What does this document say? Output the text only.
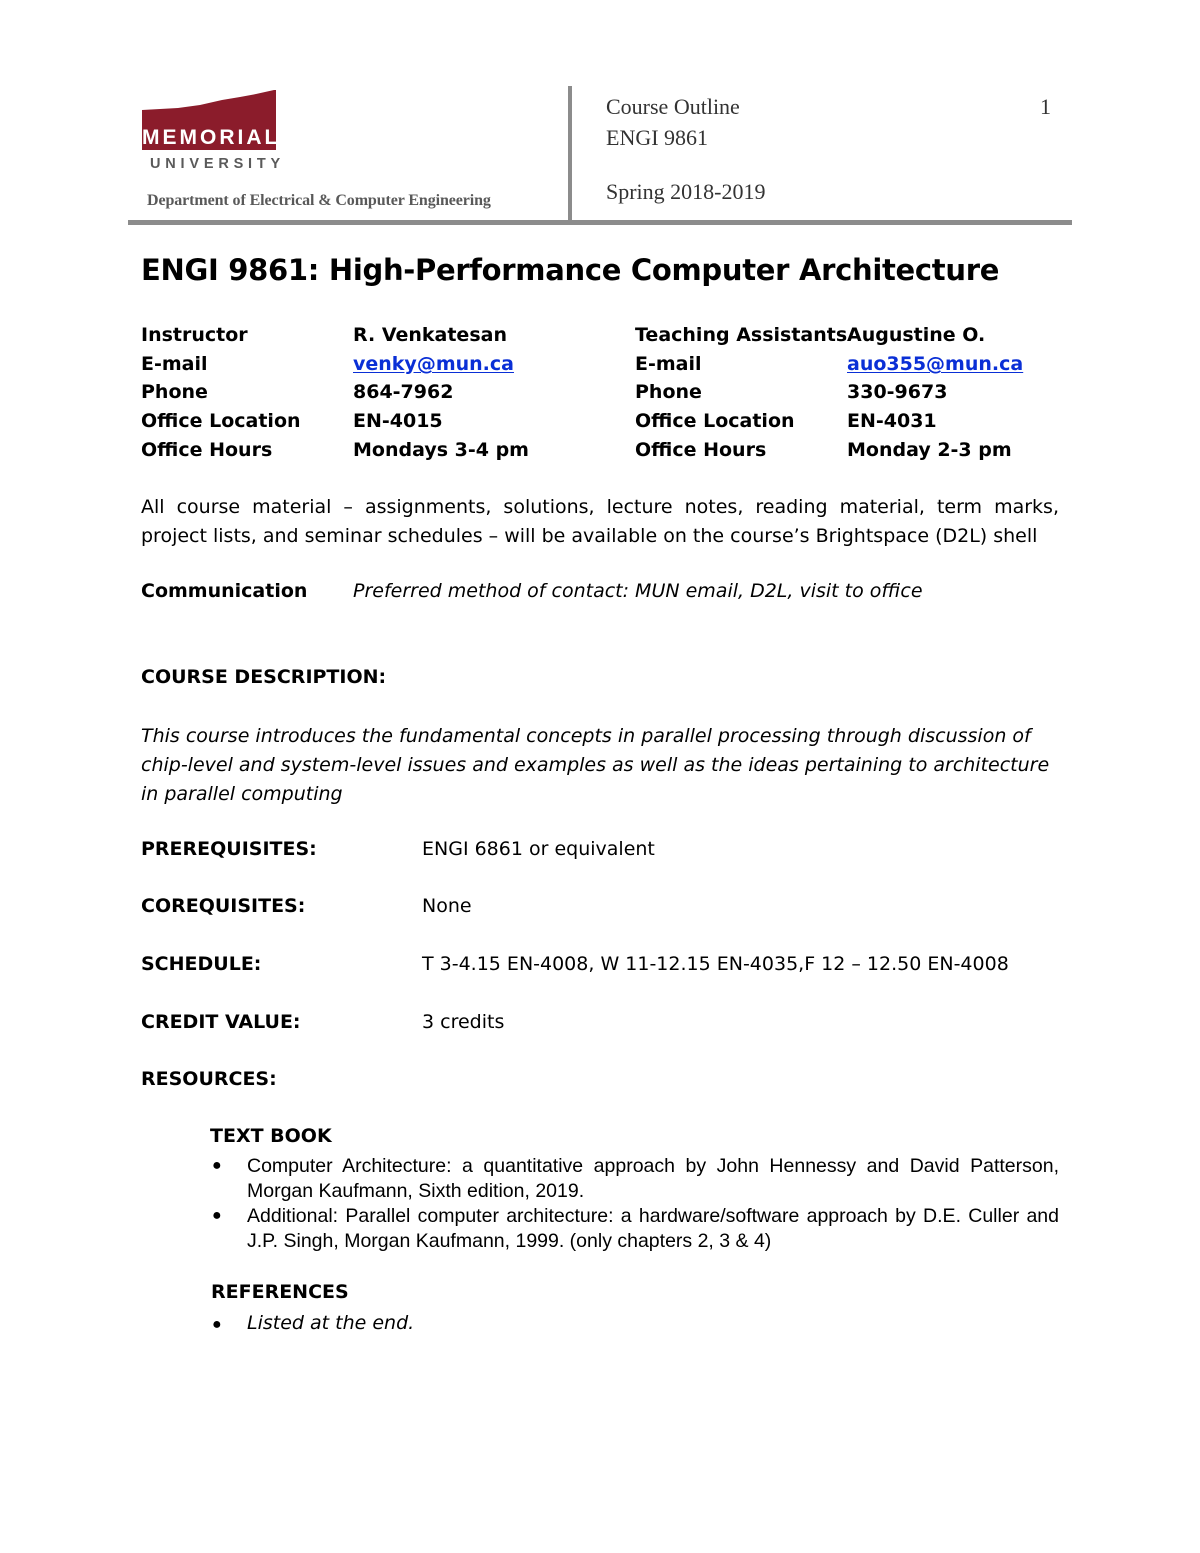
MEMORIAL
UNIVERSITY
Department of Electrical & Computer Engineering
Course Outline
ENGI 9861
Spring 2018-2019
1
ENGI 9861: High-Performance Computer Architecture
Instructor	R. Venkatesan	Teaching Assistants Augustine O.
E-mail	venky@mun.ca	E-mail	auo355@mun.ca
Phone	864-7962	Phone	330-9673
Office Location	EN-4015	Office Location	EN-4031
Office Hours	Mondays 3-4 pm	Office Hours	Monday 2-3 pm
All course material – assignments, solutions, lecture notes, reading material, term marks, project lists, and seminar schedules – will be available on the course’s Brightspace (D2L) shell
Communication Preferred method of contact: MUN email, D2L, visit to office
COURSE DESCRIPTION:
This course introduces the fundamental concepts in parallel processing through discussion of chip-level and system-level issues and examples as well as the ideas pertaining to architecture in parallel computing
PREREQUISITES:	ENGI 6861 or equivalent
COREQUISITES:	None
SCHEDULE:	T 3-4.15 EN-4008, W 11-12.15 EN-4035,F 12 – 12.50 EN-4008
CREDIT VALUE:	3 credits
RESOURCES:
TEXT BOOK
● Computer Architecture: a quantitative approach by John Hennessy and David Patterson, Morgan Kaufmann, Sixth edition, 2019.
● Additional: Parallel computer architecture: a hardware/software approach by D.E. Culler and J.P. Singh, Morgan Kaufmann, 1999. (only chapters 2, 3 & 4)
REFERENCES
● Listed at the end.
